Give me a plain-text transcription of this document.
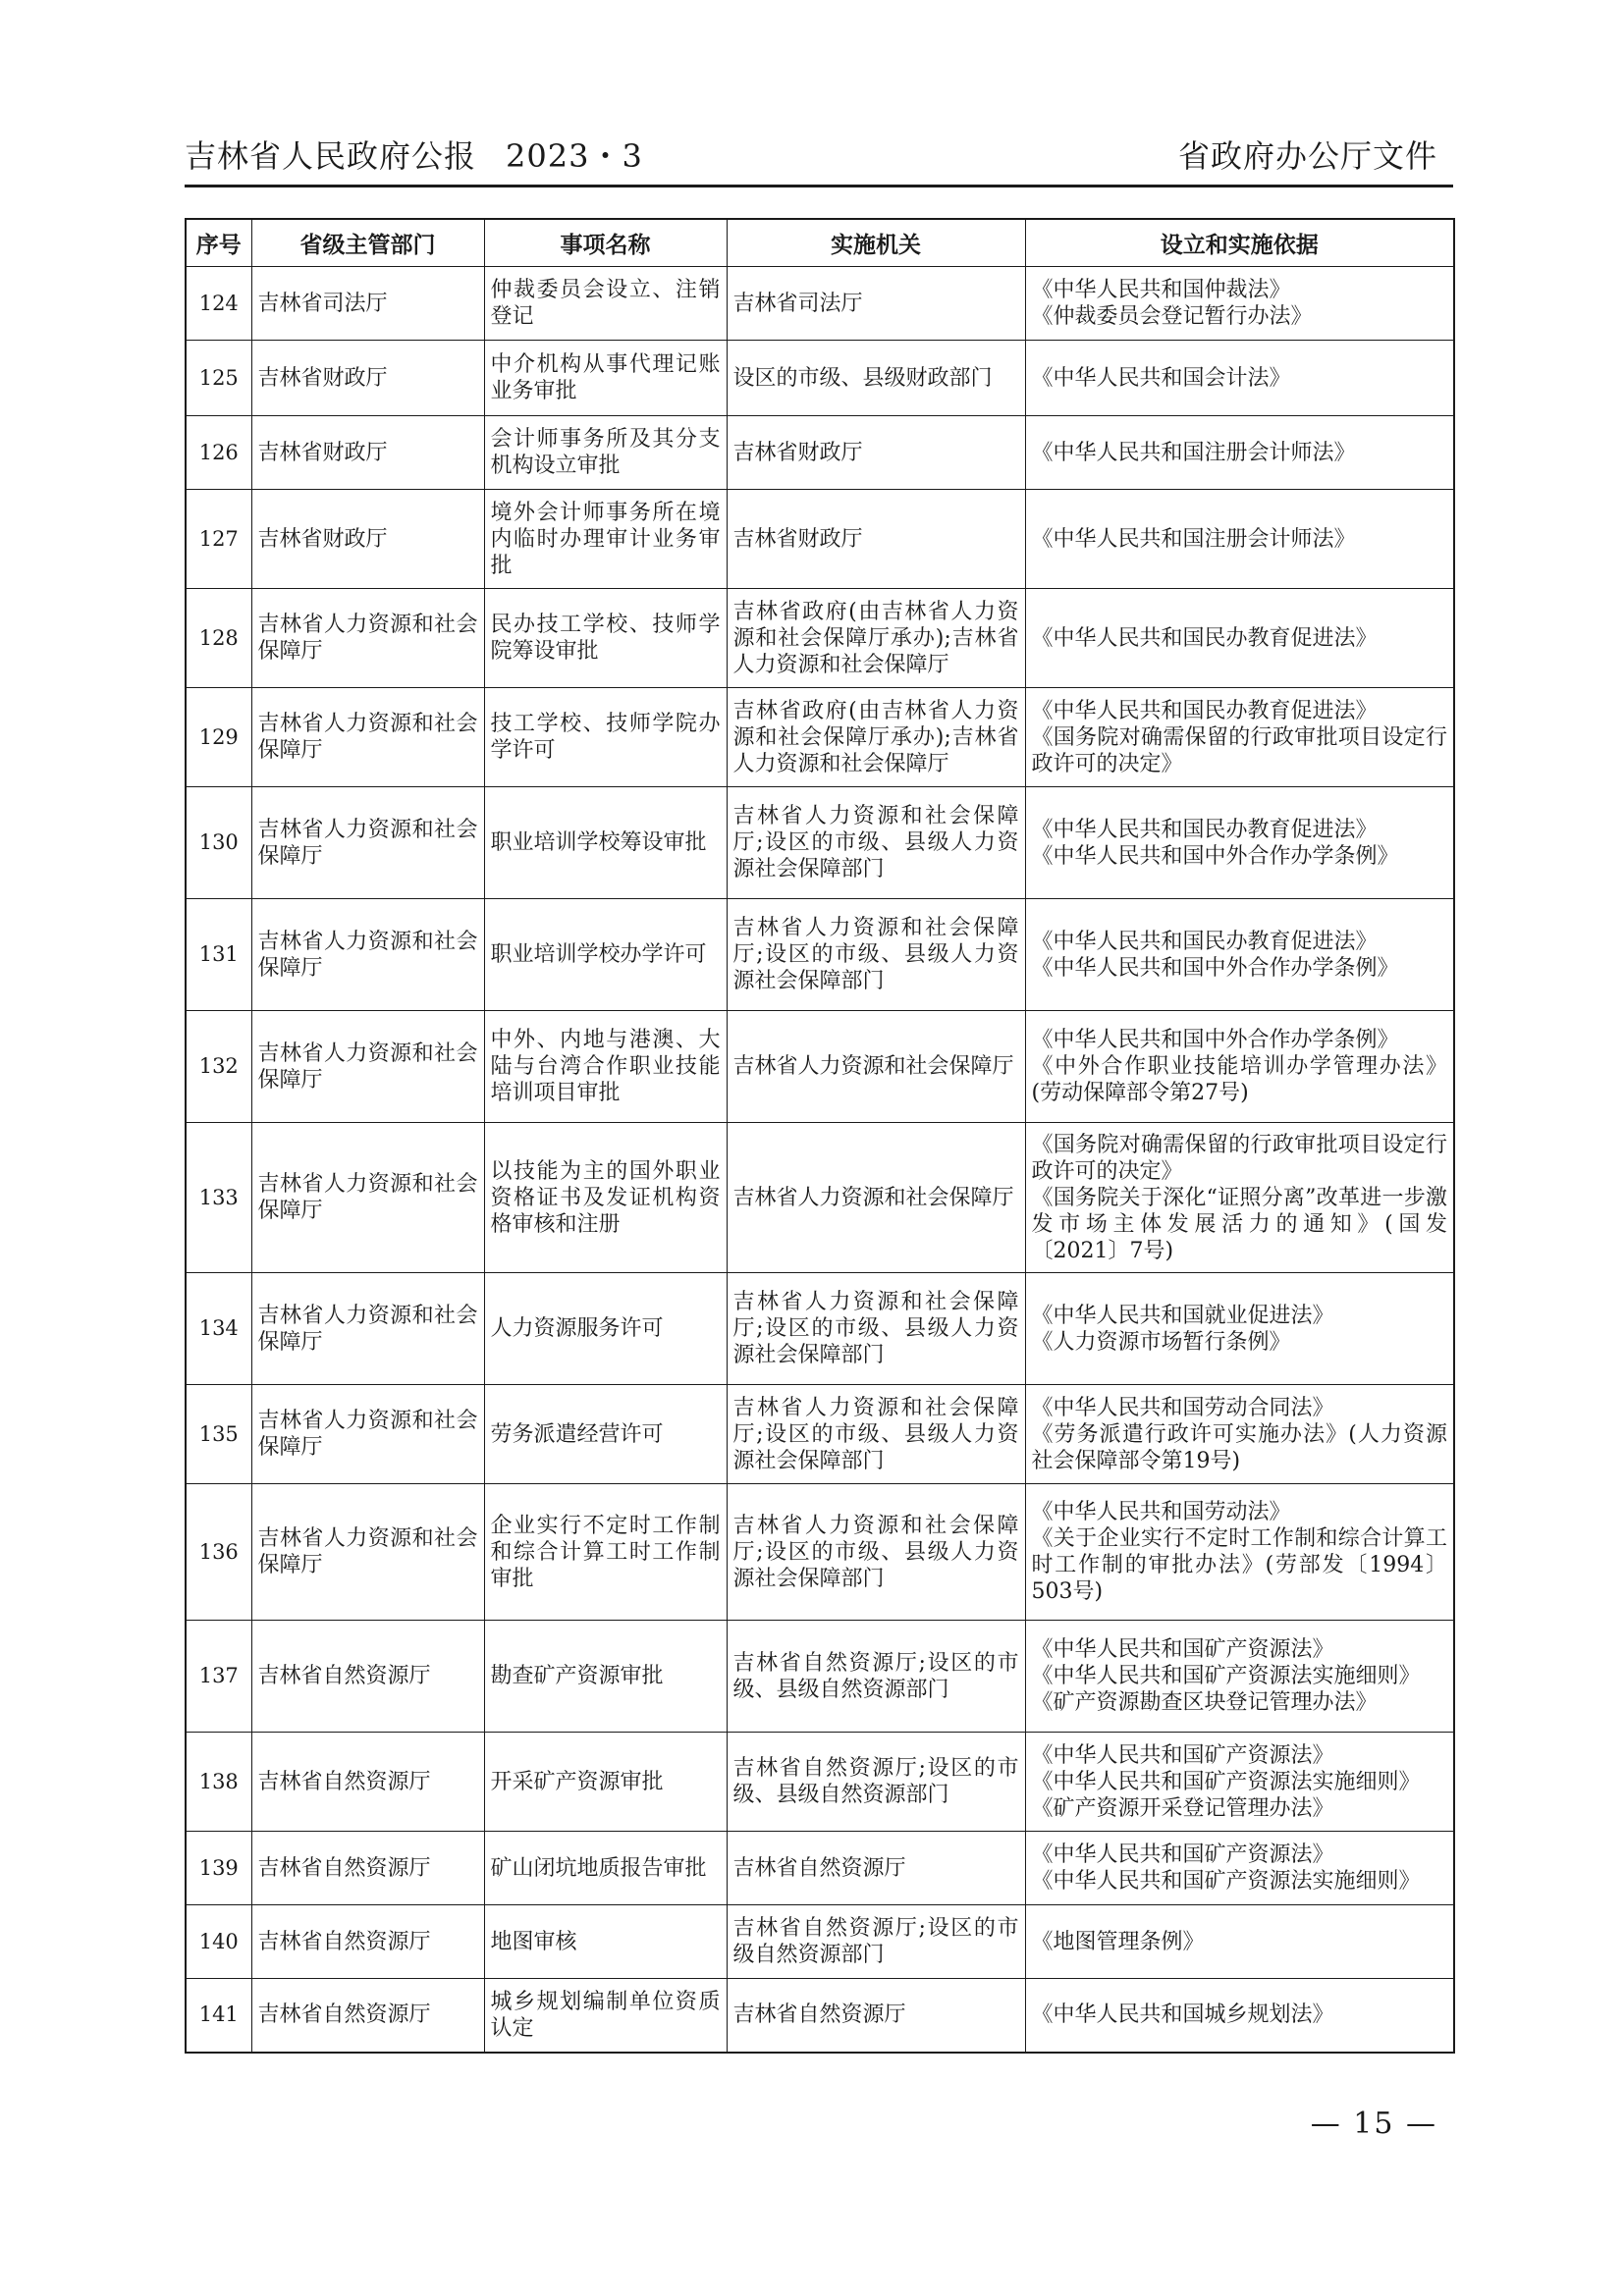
吉林省人民政府公报 2023・3	省政府办公厅文件
序号	省级主管部门	事项名称	实施机关	设立和实施依据
124	吉林省司法厅	仲裁委员会设立、注销登记	吉林省司法厅	《中华人民共和国仲裁法》
《仲裁委员会登记暂行办法》

125	吉林省财政厅	中介机构从事代理记账业务审批	设区的市级、县级财政部门	《中华人民共和国会计法》

126	吉林省财政厅	会计师事务所及其分支机构设立审批	吉林省财政厅	《中华人民共和国注册会计师法》

127	吉林省财政厅	境外会计师事务所在境内临时办理审计业务审批	吉林省财政厅	《中华人民共和国注册会计师法》

128	吉林省人力资源和社会保障厅	民办技工学校、技师学院筹设审批	吉林省政府(由吉林省人力资源和社会保障厅承办);吉林省人力资源和社会保障厅	《中华人民共和国民办教育促进法》

129	吉林省人力资源和社会保障厅	技工学校、技师学院办学许可	吉林省政府(由吉林省人力资源和社会保障厅承办);吉林省人力资源和社会保障厅	《中华人民共和国民办教育促进法》
《国务院对确需保留的行政审批项目设定行政许可的决定》

130	吉林省人力资源和社会保障厅	职业培训学校筹设审批	吉林省人力资源和社会保障厅;设区的市级、县级人力资源社会保障部门	《中华人民共和国民办教育促进法》
《中华人民共和国中外合作办学条例》

131	吉林省人力资源和社会保障厅	职业培训学校办学许可	吉林省人力资源和社会保障厅;设区的市级、县级人力资源社会保障部门	《中华人民共和国民办教育促进法》
《中华人民共和国中外合作办学条例》

132	吉林省人力资源和社会保障厅	中外、内地与港澳、大陆与台湾合作职业技能培训项目审批	吉林省人力资源和社会保障厅	《中华人民共和国中外合作办学条例》
《中外合作职业技能培训办学管理办法》(劳动保障部令第27号)

133	吉林省人力资源和社会保障厅	以技能为主的国外职业资格证书及发证机构资格审核和注册	吉林省人力资源和社会保障厅	《国务院对确需保留的行政审批项目设定行政许可的决定》
《国务院关于深化“证照分离”改革进一步激发市场主体发展活力的通知》(国发〔2021〕7号)

134	吉林省人力资源和社会保障厅	人力资源服务许可	吉林省人力资源和社会保障厅;设区的市级、县级人力资源社会保障部门	《中华人民共和国就业促进法》
《人力资源市场暂行条例》

135	吉林省人力资源和社会保障厅	劳务派遣经营许可	吉林省人力资源和社会保障厅;设区的市级、县级人力资源社会保障部门	《中华人民共和国劳动合同法》
《劳务派遣行政许可实施办法》(人力资源社会保障部令第19号)

136	吉林省人力资源和社会保障厅	企业实行不定时工作制和综合计算工时工作制审批	吉林省人力资源和社会保障厅;设区的市级、县级人力资源社会保障部门	《中华人民共和国劳动法》
《关于企业实行不定时工作制和综合计算工时工作制的审批办法》(劳部发〔1994〕503号)

137	吉林省自然资源厅	勘查矿产资源审批	吉林省自然资源厅;设区的市级、县级自然资源部门	《中华人民共和国矿产资源法》
《中华人民共和国矿产资源法实施细则》
《矿产资源勘查区块登记管理办法》

138	吉林省自然资源厅	开采矿产资源审批	吉林省自然资源厅;设区的市级、县级自然资源部门	《中华人民共和国矿产资源法》
《中华人民共和国矿产资源法实施细则》
《矿产资源开采登记管理办法》

139	吉林省自然资源厅	矿山闭坑地质报告审批	吉林省自然资源厅	《中华人民共和国矿产资源法》
《中华人民共和国矿产资源法实施细则》

140	吉林省自然资源厅	地图审核	吉林省自然资源厅;设区的市级自然资源部门	《地图管理条例》

141	吉林省自然资源厅	城乡规划编制单位资质认定	吉林省自然资源厅	《中华人民共和国城乡规划法》
— 15 —
